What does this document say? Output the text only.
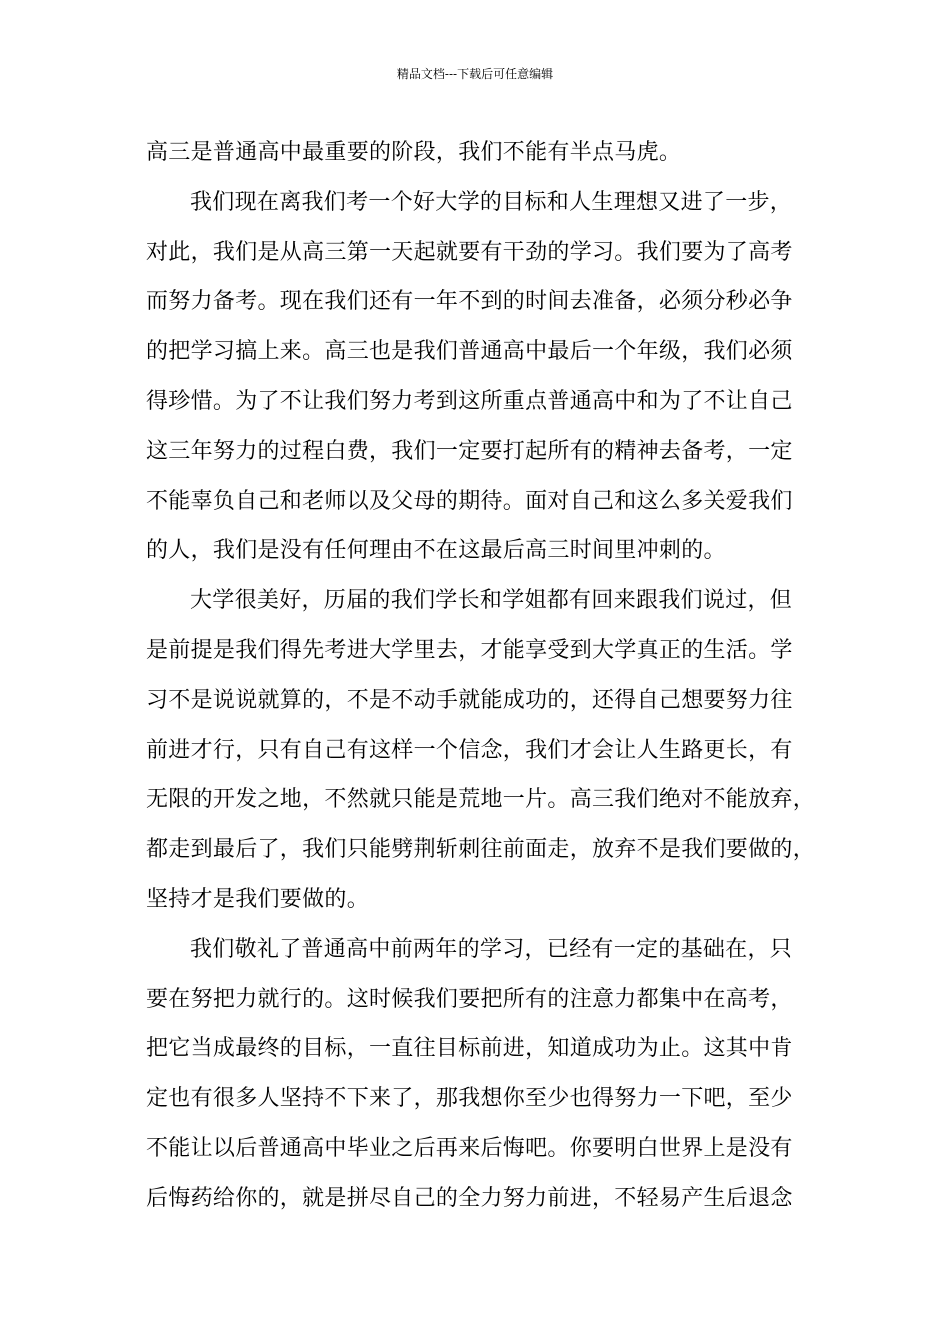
精品文档---下载后可任意编辑
高三是普通高中最重要的阶段，我们不能有半点马虎。
我们现在离我们考一个好大学的目标和人生理想又进了一步，
对此，我们是从高三第一天起就要有干劲的学习。我们要为了高考
而努力备考。现在我们还有一年不到的时间去准备，必须分秒必争
的把学习搞上来。高三也是我们普通高中最后一个年级，我们必须
得珍惜。为了不让我们努力考到这所重点普通高中和为了不让自己
这三年努力的过程白费，我们一定要打起所有的精神去备考，一定
不能辜负自己和老师以及父母的期待。面对自己和这么多关爱我们
的人，我们是没有任何理由不在这最后高三时间里冲刺的。
大学很美好，历届的我们学长和学姐都有回来跟我们说过，但
是前提是我们得先考进大学里去，才能享受到大学真正的生活。学
习不是说说就算的，不是不动手就能成功的，还得自己想要努力往
前进才行，只有自己有这样一个信念，我们才会让人生路更长，有
无限的开发之地，不然就只能是荒地一片。高三我们绝对不能放弃，
都走到最后了，我们只能劈荆斩刺往前面走，放弃不是我们要做的，
坚持才是我们要做的。
我们敬礼了普通高中前两年的学习，已经有一定的基础在，只
要在努把力就行的。这时候我们要把所有的注意力都集中在高考，
把它当成最终的目标，一直往目标前进，知道成功为止。这其中肯
定也有很多人坚持不下来了，那我想你至少也得努力一下吧，至少
不能让以后普通高中毕业之后再来后悔吧。你要明白世界上是没有
后悔药给你的，就是拼尽自己的全力努力前进，不轻易产生后退念
